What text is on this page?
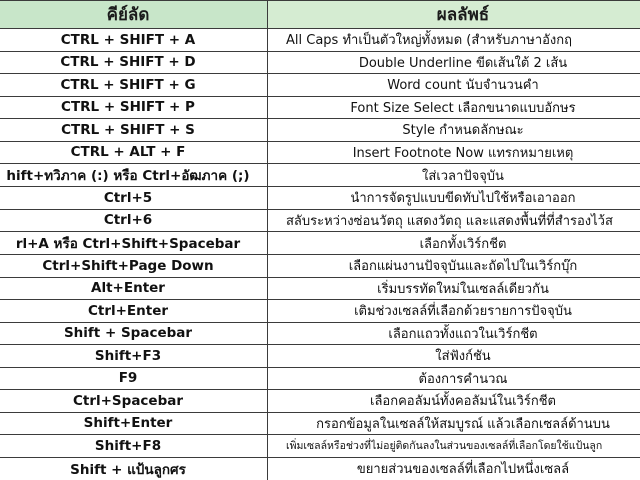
คีย์ลัด	ผลลัพธ์
CTRL + SHIFT + A	All Caps ทำเป็นตัวใหญ่ทั้งหมด (สำหรับภาษาอังกฤ
CTRL + SHIFT + D	Double Underline ขีดเส้นใต้ 2 เส้น
CTRL + SHIFT + G	Word count นับจำนวนคำ
CTRL + SHIFT + P	Font Size Select เลือกขนาดแบบอักษร
CTRL + SHIFT + S	Style กำหนดลักษณะ
CTRL + ALT + F	Insert Footnote Now แทรกหมายเหตุ
hift+ทวิภาค (:) หรือ Ctrl+อัฒภาค (;)	ใส่เวลาปัจจุบัน
Ctrl+5	นำการจัดรูปแบบขีดทับไปใช้หรือเอาออก
Ctrl+6	สลับระหว่างซ่อนวัตถุ แสดงวัตถุ และแสดงพื้นที่ที่สำรองไว้ส
rl+A หรือ Ctrl+Shift+Spacebar	เลือกทั้งเวิร์กชีต
Ctrl+Shift+Page Down	เลือกแผ่นงานปัจจุบันและถัดไปในเวิร์กบุ๊ก
Alt+Enter	เริ่มบรรทัดใหม่ในเซลล์เดียวกัน
Ctrl+Enter	เติมช่วงเซลล์ที่เลือกด้วยรายการปัจจุบัน
Shift + Spacebar	เลือกแถวทั้งแถวในเวิร์กชีต
Shift+F3	ใส่ฟังก์ชัน
F9	ต้องการคำนวณ
Ctrl+Spacebar	เลือกคอลัมน์ทั้งคอลัมน์ในเวิร์กชีต
Shift+Enter	กรอกข้อมูลในเซลล์ให้สมบูรณ์ แล้วเลือกเซลล์ด้านบน
Shift+F8	เพิ่มเซลล์หรือช่วงที่ไม่อยู่ติดกันลงในส่วนของเซลล์ที่เลือกโดยใช้แป้นลูก
Shift + แป้นลูกศร	ขยายส่วนของเซลล์ที่เลือกไปหนึ่งเซลล์
